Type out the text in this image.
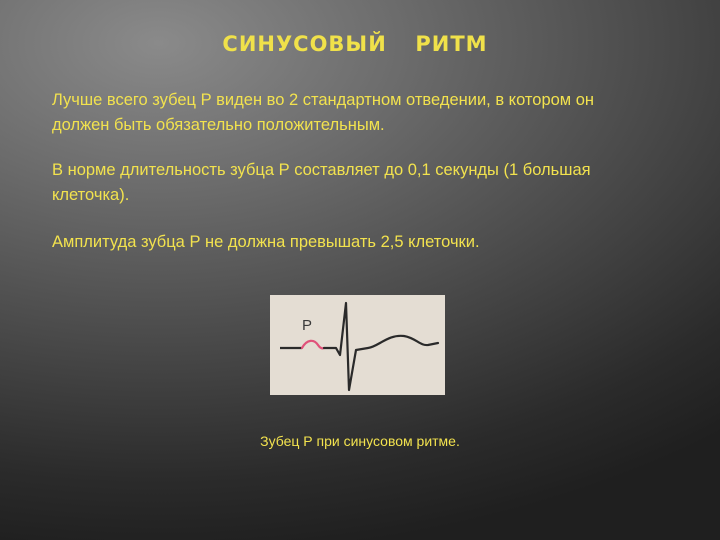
СИНУСОВЫЙ  РИТМ
Лучше всего зубец Р виден во 2 стандартном отведении, в котором он должен быть обязательно положительным.
В норме длительность зубца Р составляет до 0,1 секунды (1 большая клеточка).
Амплитуда зубца Р не должна превышать 2,5 клеточки.
P
Зубец Р при синусовом ритме.
